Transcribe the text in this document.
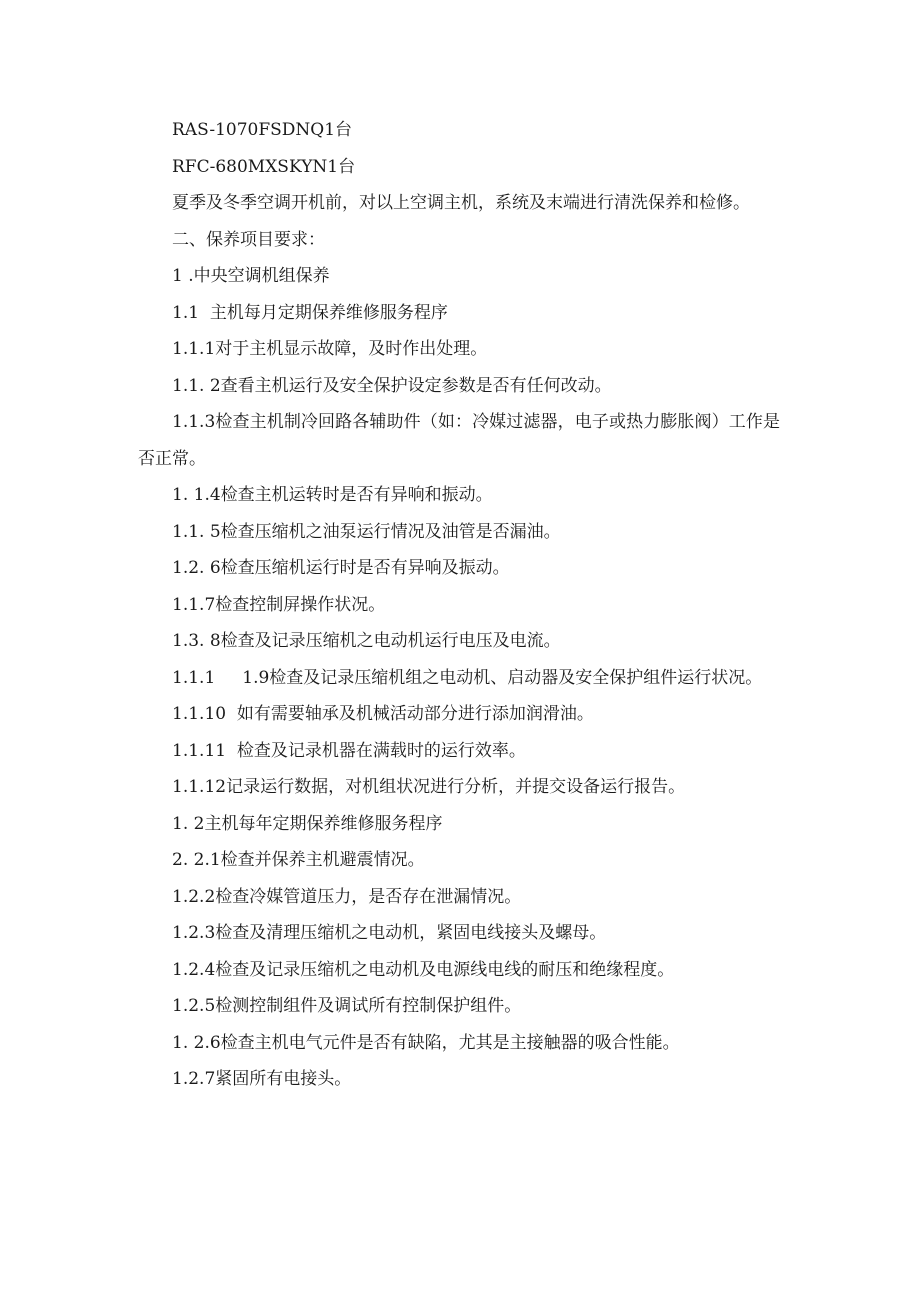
RAS-1070FSDNQ1台

RFC-680MXSKYN1台

夏季及冬季空调开机前，对以上空调主机，系统及末端进行清洗保养和检修。

二、保养项目要求：

1 .中央空调机组保养

1.1  主机每月定期保养维修服务程序

1.1.1对于主机显示故障，及时作出处理。

1.1. 2查看主机运行及安全保护设定参数是否有任何改动。

1.1.3检查主机制冷回路各辅助件（如：冷媒过滤器，电子或热力膨胀阀）工作是否正常。

1. 1.4检查主机运转时是否有异响和振动。

1.1. 5检查压缩机之油泵运行情况及油管是否漏油。

1.2. 6检查压缩机运行时是否有异响及振动。

1.1.7检查控制屏操作状况。

1.3. 8检查及记录压缩机之电动机运行电压及电流。

1.1.1     1.9检查及记录压缩机组之电动机、启动器及安全保护组件运行状况。

1.1.10  如有需要轴承及机械活动部分进行添加润滑油。

1.1.11  检查及记录机器在满载时的运行效率。

1.1.12记录运行数据，对机组状况进行分析，并提交设备运行报告。

1. 2主机每年定期保养维修服务程序

2. 2.1检查并保养主机避震情况。

1.2.2检查冷媒管道压力，是否存在泄漏情况。

1.2.3检查及清理压缩机之电动机，紧固电线接头及螺母。

1.2.4检查及记录压缩机之电动机及电源线电线的耐压和绝缘程度。

1.2.5检测控制组件及调试所有控制保护组件。

1. 2.6检查主机电气元件是否有缺陷，尤其是主接触器的吸合性能。

1.2.7紧固所有电接头。
